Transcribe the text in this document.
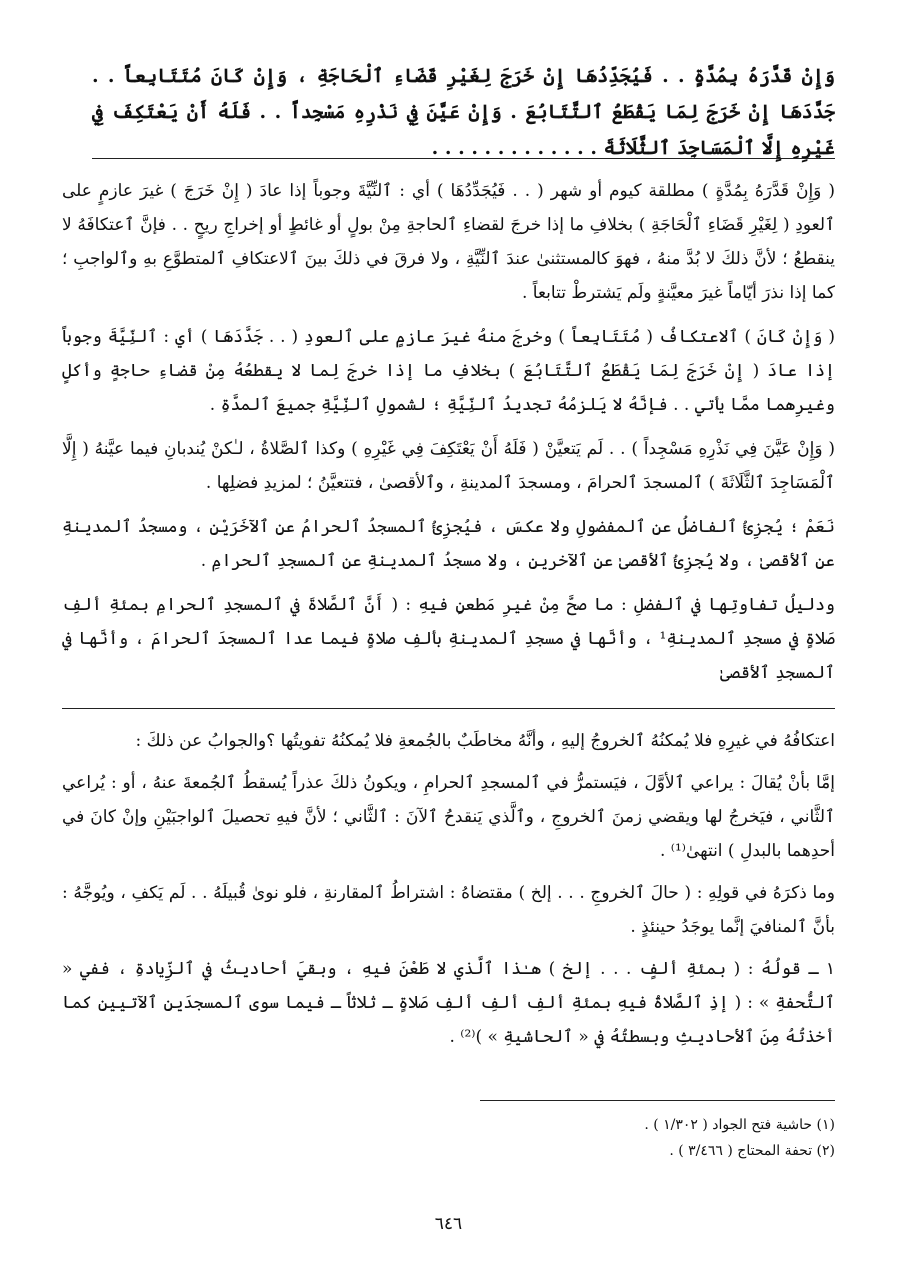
وَإِنْ قَدَّرَهُ بِمُدَّةٍ . . فَيُجَدِّدُهَا إِنْ خَرَجَ لِغَيْرِ قَضَاءِ ٱلْحَاجَةِ ، وَإِنْ كَانَ مُتَتَابِعاً . . جَدَّدَهَا إِنْ خَرَجَ لِمَا يَقْطَعُ ٱلتَّتَابُعَ . وَإِنْ عَيَّنَ فِي نَذْرِهِ مَسْجِداً . . فَلَهُ أَنْ يَعْتَكِفَ فِي غَيْرِهِ إِلَّا ٱلْمَسَاجِدَ ٱلثَّلَاثَةَ . . . . . . . . . . . . .

( وَإِنْ قَدَّرَهُ بِمُدَّةٍ ) مطلقة كيوم أو شهر ( . . فَيُجَدِّدُهَا ) أي : ٱلنِّيَّةَ وجوباً إذا عادَ ( إِنْ خَرَجَ ) غيرَ عازمٍ على ٱلعودِ ( لِغَيْرِ قَضَاءِ ٱلْحَاجَةِ ) بخلافِ ما إذا خرجَ لقضاءِ ٱلحاجةِ مِنْ بولٍ أو غائطٍ أو إخراجِ ريحٍ . . فإنَّ ٱعتكافَهُ لا ينقطعُ ؛ لأنَّ ذلكَ لا بُدَّ منهُ ، فهوَ كالمستثنىٰ عندَ ٱلنِّيَّةِ ، ولا فرقَ في ذلكَ بينَ ٱلاعتكافِ ٱلمتطوَّعِ بهِ وٱلواجبِ ؛ كما إذا نذرَ أيّاماً غيرَ معيَّنةٍ ولَم يَشترطْ تتابعاً .

( وَإِنْ كَانَ ) ٱلاعتكافُ ( مُتَتَابِعاً ) وخرجَ منهُ غيرَ عازمٍ على ٱلعودِ ( . . جَدَّدَهَا ) أي : ٱلنِّيَّةَ وجوباً إذا عادَ ( إِنْ خَرَجَ لِمَا يَقْطَعُ ٱلتَّتَابُعَ ) بخلافِ ما إذا خرجَ لِما لا يقطعُهُ مِنْ قضاءِ حاجةٍ وأكلٍ وغيرِهما ممَّا يأتي . . فإنَّهُ لا يَلزمُهُ تجديدُ ٱلنِّيَّةِ ؛ لشمولِ ٱلنِّيَّةِ جميعَ ٱلمدَّةِ .

( وَإِنْ عَيَّنَ فِي نَذْرِهِ مَسْجِداً ) . . لَم يَتعيَّنْ ( فَلَهُ أَنْ يَعْتَكِفَ فِي غَيْرِهِ ) وكذا ٱلصَّلاةُ ، لـٰكنْ يُندبانِ فيما عيَّنهُ ( إِلَّا ٱلْمَسَاجِدَ ٱلثَّلَاثَةَ ) ٱلمسجدَ ٱلحرامَ ، ومسجدَ ٱلمدينةِ ، وٱلأقصىٰ ، فتتعيَّنُ ؛ لمزيدِ فضلِها .

نَعَمْ ؛ يُجزِئُ ٱلفاضلُ عنِ ٱلمفضولِ ولا عكسَ ، فيُجزِئُ ٱلمسجدُ ٱلحرامُ عنِ ٱلآخَرَيْنِ ، ومسجدُ ٱلمدينةِ عنِ ٱلأقصىٰ ، ولا يُجزِئُ ٱلأقصىٰ عنِ ٱلآخرينِ ، ولا مسجدُ ٱلمدينةِ عنِ ٱلمسجدِ ٱلحرامِ .

ودليلُ تفاوتِها في ٱلفضلِ : ما صحَّ مِنْ غيرِ مَطعنٍ فيهِ : ( أَنَّ ٱلصَّلاةَ في ٱلمسجدِ ٱلحرامِ بمئةِ ألفِ صَلاةٍ في مسجدِ ٱلمدينةِ¹ ، وأنَّها في مسجدِ ٱلمدينةِ بألفِ صلاةٍ فيما عدا ٱلمسجدَ ٱلحرامَ ، وأنَّها في ٱلمسجدِ ٱلأقصىٰ

اعتكافُهُ في غيرِهِ فلا يُمكنُهُ ٱلخروجُ إليهِ ، وأنَّهُ مخاطَبٌ بالجُمعةِ فلا يُمكنُهُ تفويتُها ؟والجوابُ عن ذلكَ :

إمَّا بأنْ يُقالَ : يراعي ٱلأوَّلَ ، فيَستمرُّ في ٱلمسجدِ ٱلحرامِ ، ويكونُ ذلكَ عذراً يُسقطُ ٱلجُمعةَ عنهُ ، أو : يُراعي ٱلثَّاني ، فيَخرجُ لها ويقضي زمنَ ٱلخروجِ ، وٱلَّذي يَنقدحُ ٱلآنَ : ٱلثَّاني ؛ لأنَّ فيهِ تحصيلَ ٱلواجبَيْنِ وإنْ كانَ في أحدِهما بالبدلِ ) انتهىٰ⁽¹⁾ .

وما ذكرَهُ في قولِهِ : ( حالَ ٱلخروجِ . . . إلخ ) مقتضاهُ : اشتراطُ ٱلمقارنةِ ، فلو نوىٰ قُبيلَهُ . . لَم يَكفِ ، ويُوجَّهُ : بأنَّ ٱلمنافيَ إنَّما يوجَدُ حينئذٍ .

١ ـ قولُهُ : ( بمئةِ ألفٍ . . . إلخ ) هـٰذا ٱلَّذي لا طَعْنَ فيهِ ، وبقيَ أحاديثُ في ٱلزِّيادةِ ، ففي « ٱلتُّحفةِ » : ( إذِ ٱلصَّلاةُ فيهِ بمئةِ ألفِ ألفِ ألفِ صَلاةٍ ـ ثلاثاً ـ فيما سوى ٱلمسجدَينِ ٱلآتيينِ كما أخذتُهُ مِنَ ٱلأحاديثِ وبسطتُهُ في « ٱلحاشيةِ » )⁽²⁾ .

(١) حاشية فتح الجواد ( ١/٣٠٢ ) .

(٢) تحفة المحتاج ( ٣/٤٦٦ ) .

٦٤٦
